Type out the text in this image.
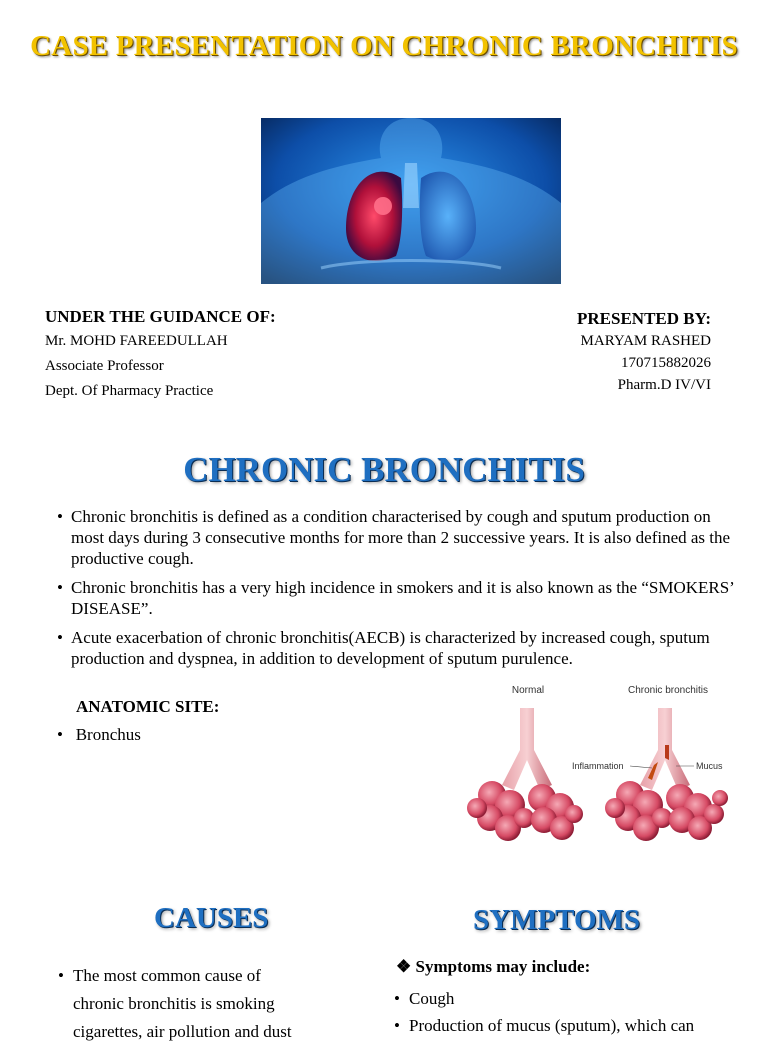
CASE PRESENTATION ON CHRONIC BRONCHITIS
UNDER THE GUIDANCE OF:
Mr. MOHD FAREEDULLAH
Associate Professor
Dept. Of Pharmacy Practice
PRESENTED BY:
MARYAM RASHED
170715882026
Pharm.D IV/VI
CHRONIC BRONCHITIS
• Chronic bronchitis is defined as a condition characterised by cough and sputum production on most days during 3 consecutive months for more than 2 successive years. It is also defined as the productive cough.
• Chronic bronchitis has a very high incidence in smokers and it is also known as the “SMOKERS’ DISEASE”.
• Acute exacerbation of chronic bronchitis(AECB) is characterized by increased cough, sputum production and dyspnea, in addition to development of sputum purulence.
ANATOMIC SITE:
•   Bronchus
Normal	Chronic bronchitis
Inflammation	Mucus
CAUSES	SYMPTOMS
• The most common cause of
chronic bronchitis is smoking
cigarettes, air pollution and dust
❖ Symptoms may include:
• Cough
• Production of mucus (sputum), which can
